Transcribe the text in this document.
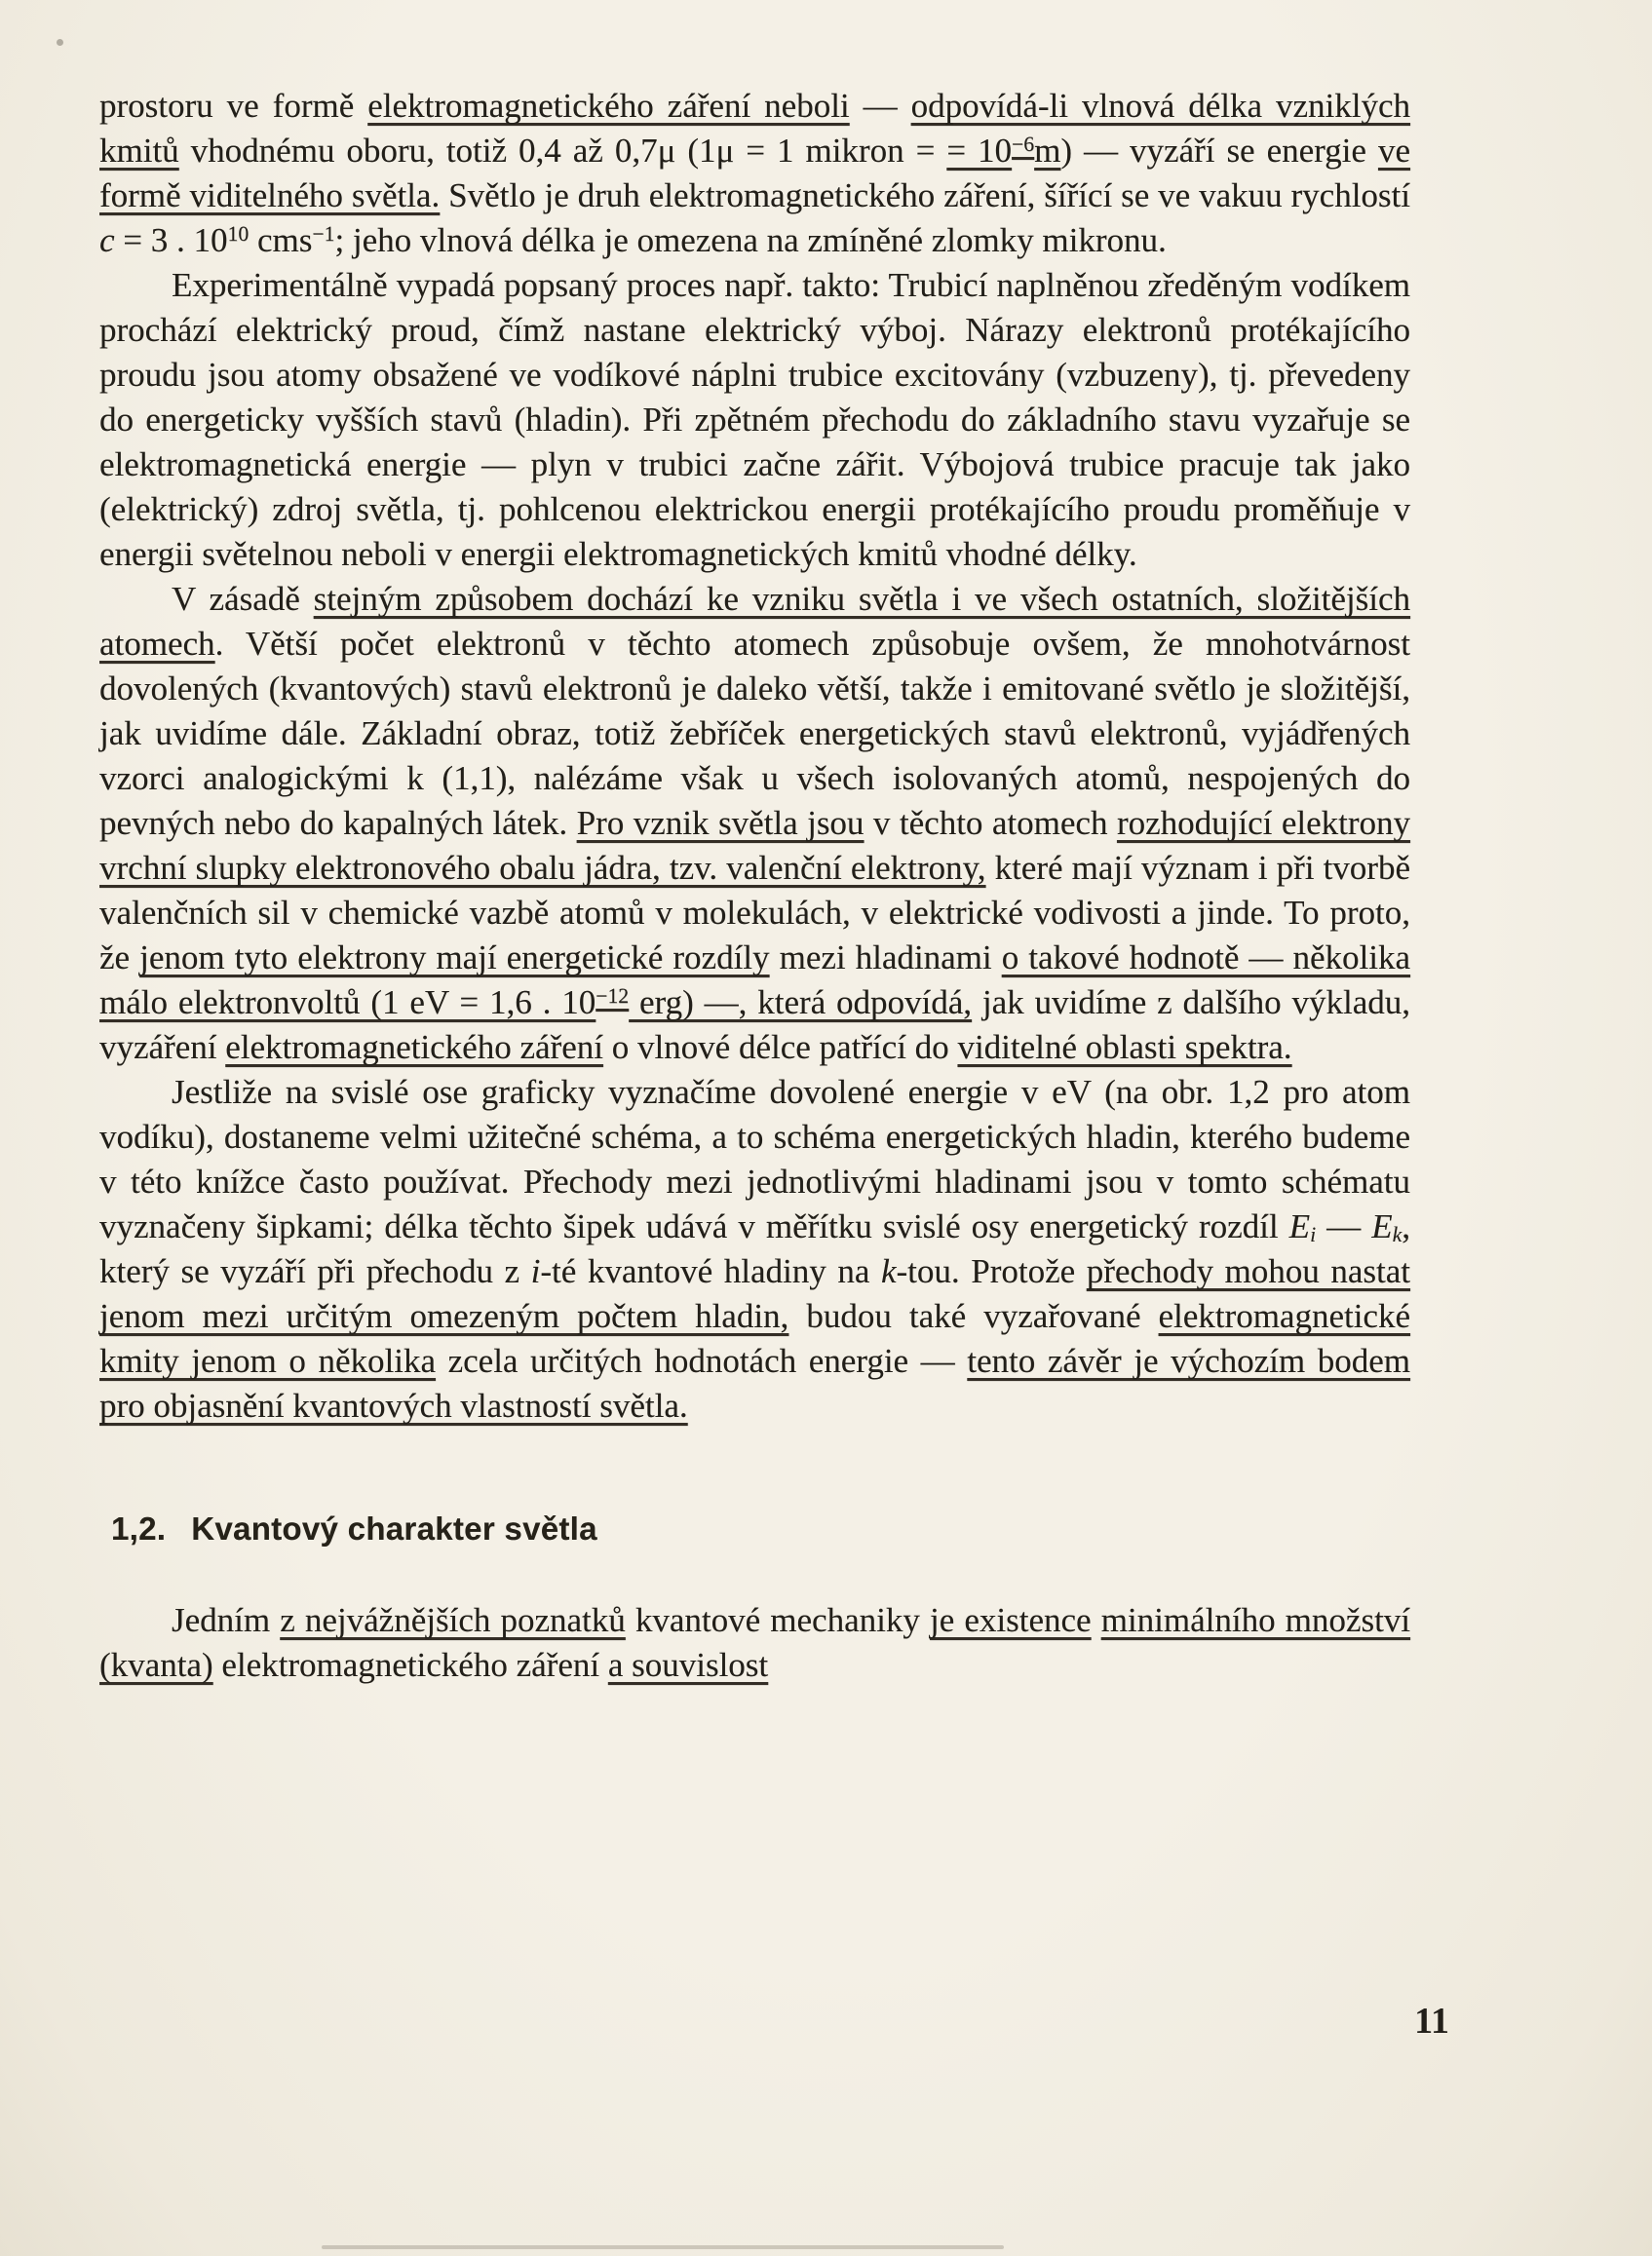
prostoru ve formě elektromagnetického záření neboli — odpovídá-li vlnová délka vzniklých kmitů vhodnému oboru, totiž 0,4 až 0,7μ (1μ = 1 mikron = = $10^{-6}m$) — vyzáří se energie ve formě viditelného světla. Světlo je druh elektromagnetického záření, šířící se ve vakuu rychlostí c = 3 . $10^{10}$ cms$^{-1}$; jeho vlnová délka je omezena na zmíněné zlomky mikronu.

Experimentálně vypadá popsaný proces např. takto: Trubicí naplněnou zředěným vodíkem prochází elektrický proud, čímž nastane elektrický výboj. Nárazy elektronů protékajícího proudu jsou atomy obsažené ve vodíkové náplni trubice excitovány (vzbuzeny), tj. převedeny do energeticky vyšších stavů (hladin). Při zpětném přechodu do základního stavu vyzařuje se elektromagnetická energie — plyn v trubici začne zářit. Výbojová trubice pracuje tak jako (elektrický) zdroj světla, tj. pohlcenou elektrickou energii protékajícího proudu proměňuje v energii světelnou neboli v energii elektromagnetických kmitů vhodné délky.

V zásadě stejným způsobem dochází ke vzniku světla i ve všech ostatních, složitějších atomech. Větší počet elektronů v těchto atomech způsobuje ovšem, že mnohotvárnost dovolených (kvantových) stavů elektronů je daleko větší, takže i emitované světlo je složitější, jak uvidíme dále. Základní obraz, totiž žebříček energetických stavů elektronů, vyjádřených vzorci analogickými k (1,1), nalézáme však u všech isolovaných atomů, nespojených do pevných nebo do kapalných látek. Pro vznik světla jsou v těchto atomech rozhodující elektrony vrchní slupky elektronového obalu jádra, tzv. valenční elektrony, které mají význam i při tvorbě valenčních sil v chemické vazbě atomů v molekulách, v elektrické vodivosti a jinde. To proto, že jenom tyto elektrony mají energetické rozdíly mezi hladinami o takové hodnotě — několika málo elektronvoltů (1 eV = 1,6 . $10^{-12}$ erg) —, která odpovídá, jak uvidíme z dalšího výkladu, vyzáření elektromagnetického záření o vlnové délce patřící do viditelné oblasti spektra.

Jestliže na svislé ose graficky vyznačíme dovolené energie v eV (na obr. 1,2 pro atom vodíku), dostaneme velmi užitečné schéma, a to schéma energetických hladin, kterého budeme v této knížce často používat. Přechody mezi jednotlivými hladinami jsou v tomto schématu vyznačeny šipkami; délka těchto šipek udává v měřítku svislé osy energetický rozdíl $E_i$ — $E_k$, který se vyzáří při přechodu z i-té kvantové hladiny na k-tou. Protože přechody mohou nastat jenom mezi určitým omezeným počtem hladin, budou také vyzařované elektromagnetické kmity jenom o několika zcela určitých hodnotách energie — tento závěr je výchozím bodem pro objasnění kvantových vlastností světla.

1,2. Kvantový charakter světla

Jedním z nejvážnějších poznatků kvantové mechaniky je existence minimálního množství (kvanta) elektromagnetického záření a souvislost

11
